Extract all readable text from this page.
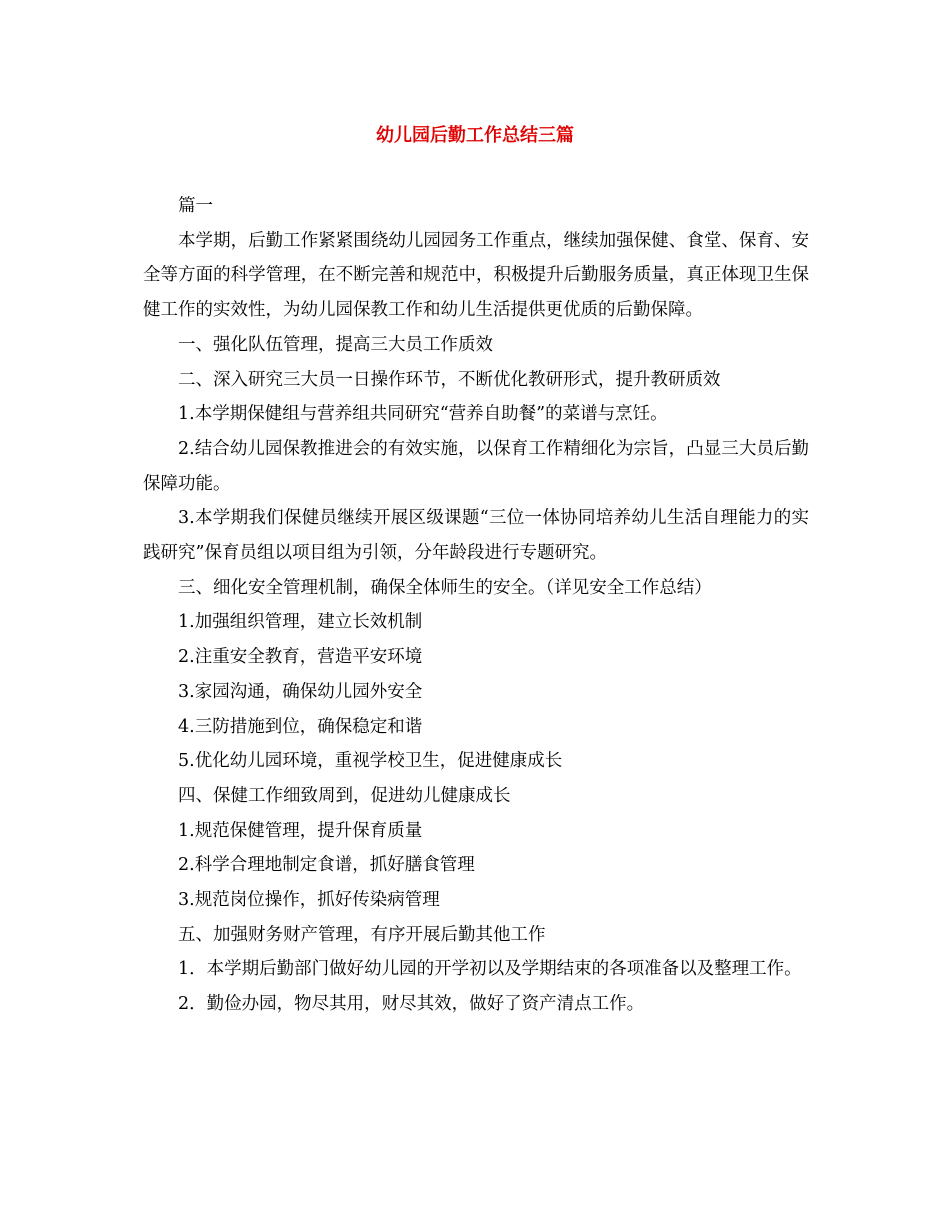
幼儿园后勤工作总结三篇

篇一

本学期，后勤工作紧紧围绕幼儿园园务工作重点，继续加强保健、食堂、保育、安全等方面的科学管理，在不断完善和规范中，积极提升后勤服务质量，真正体现卫生保健工作的实效性，为幼儿园保教工作和幼儿生活提供更优质的后勤保障。

一、强化队伍管理，提高三大员工作质效

二、深入研究三大员一日操作环节，不断优化教研形式，提升教研质效

1.本学期保健组与营养组共同研究“营养自助餐”的菜谱与烹饪。

2.结合幼儿园保教推进会的有效实施，以保育工作精细化为宗旨，凸显三大员后勤保障功能。

3.本学期我们保健员继续开展区级课题“三位一体协同培养幼儿生活自理能力的实践研究”保育员组以项目组为引领，分年龄段进行专题研究。

三、细化安全管理机制，确保全体师生的安全。（详见安全工作总结）

1.加强组织管理，建立长效机制

2.注重安全教育，营造平安环境

3.家园沟通，确保幼儿园外安全

4.三防措施到位，确保稳定和谐

5.优化幼儿园环境，重视学校卫生，促进健康成长

四、保健工作细致周到，促进幼儿健康成长

1.规范保健管理，提升保育质量

2.科学合理地制定食谱，抓好膳食管理

3.规范岗位操作，抓好传染病管理

五、加强财务财产管理，有序开展后勤其他工作

1．本学期后勤部门做好幼儿园的开学初以及学期结束的各项准备以及整理工作。

2．勤俭办园，物尽其用，财尽其效，做好了资产清点工作。
